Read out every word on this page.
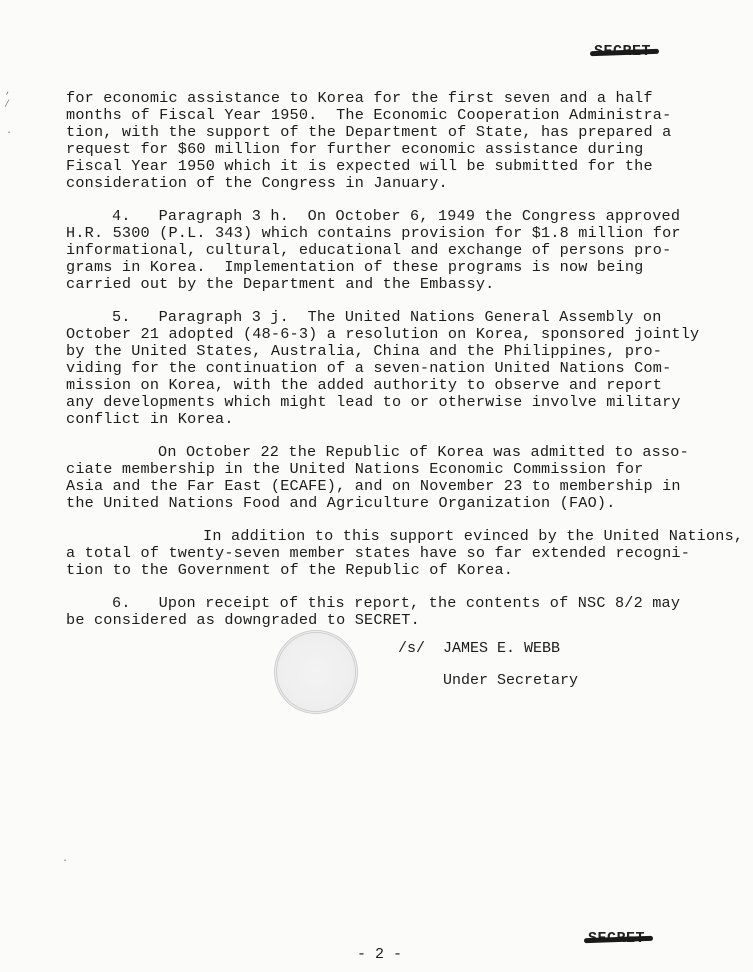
,
/
·
for economic assistance to Korea for the first seven and a half
months of Fiscal Year 1950.  The Economic Cooperation Administra-
tion, with the support of the Department of State, has prepared a
request for $60 million for further economic assistance during
Fiscal Year 1950 which it is expected will be submitted for the
consideration of the Congress in January.
4.   Paragraph 3 h.  On October 6, 1949 the Congress approved
H.R. 5300 (P.L. 343) which contains provision for $1.8 million for
informational, cultural, educational and exchange of persons pro-
grams in Korea.  Implementation of these programs is now being
carried out by the Department and the Embassy.
5.   Paragraph 3 j.  The United Nations General Assembly on
October 21 adopted (48-6-3) a resolution on Korea, sponsored jointly
by the United States, Australia, China and the Philippines, pro-
viding for the continuation of a seven-nation United Nations Com-
mission on Korea, with the added authority to observe and report
any developments which might lead to or otherwise involve military
conflict in Korea.
On October 22 the Republic of Korea was admitted to asso-
ciate membership in the United Nations Economic Commission for
Asia and the Far East (ECAFE), and on November 23 to membership in
the United Nations Food and Agriculture Organization (FAO).
In addition to this support evinced by the United Nations,
a total of twenty-seven member states have so far extended recogni-
tion to the Government of the Republic of Korea.
6.   Upon receipt of this report, the contents of NSC 8/2 may
be considered as downgraded to SECRET.

/s/  JAMES E. WEBB
Under Secretary
·
- 2 -
